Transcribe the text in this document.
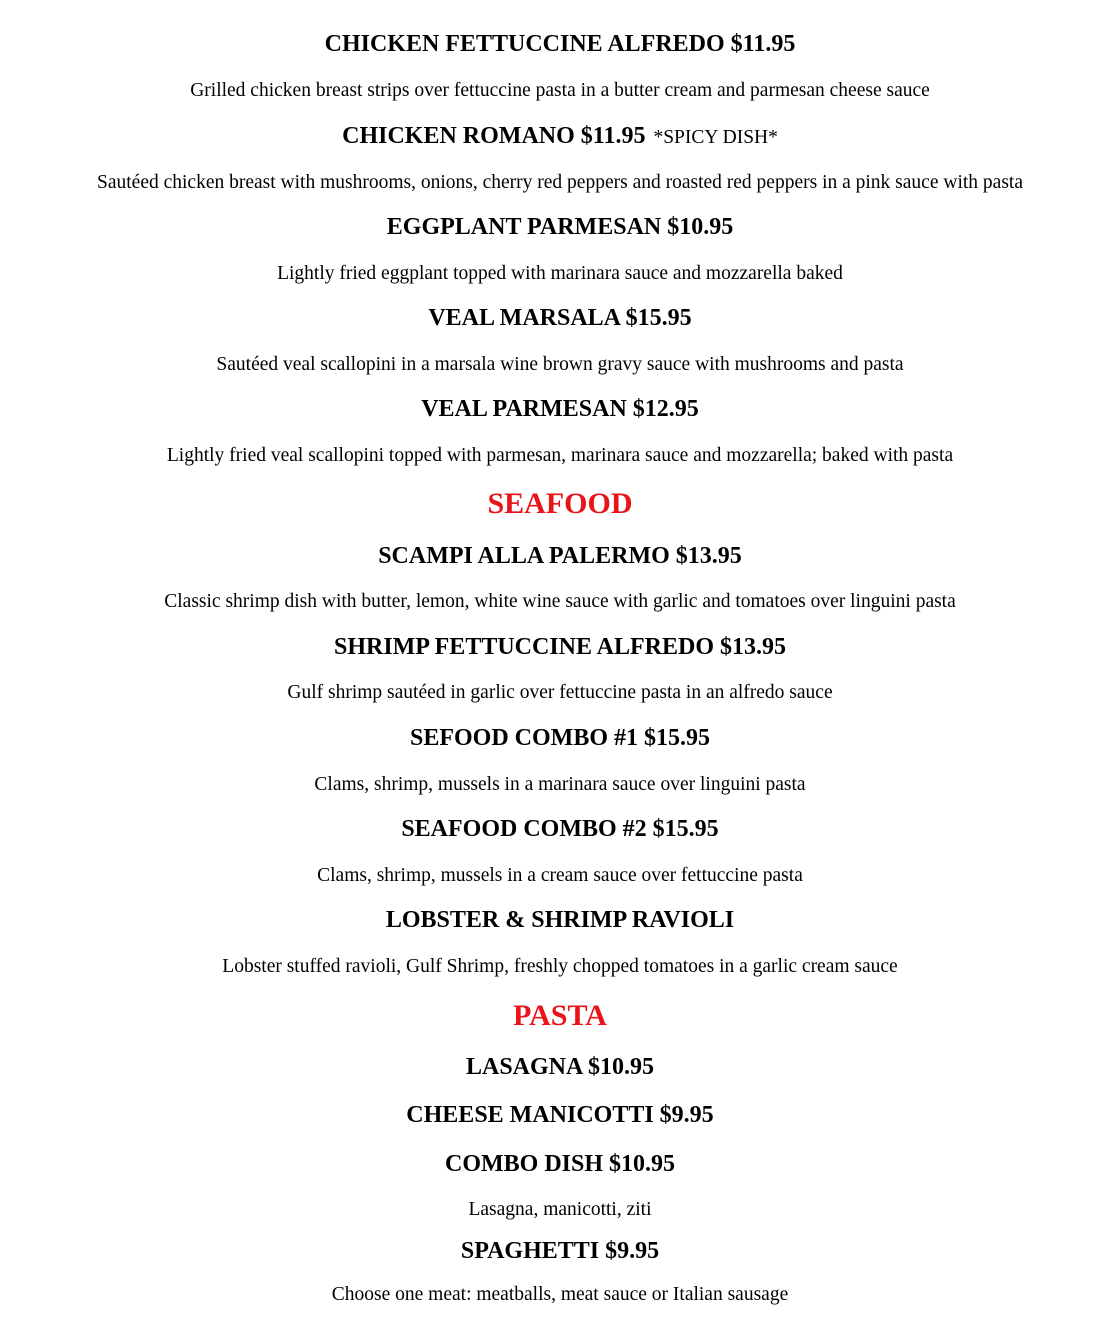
CHICKEN FETTUCCINE ALFREDO $11.95
Grilled chicken breast strips over fettuccine pasta in a butter cream and parmesan cheese sauce
CHICKEN ROMANO $11.95 *SPICY DISH*
Sautéed chicken breast with mushrooms, onions, cherry red peppers and roasted red peppers in a pink sauce with pasta
EGGPLANT PARMESAN $10.95
Lightly fried eggplant topped with marinara sauce and mozzarella baked
VEAL MARSALA $15.95
Sautéed veal scallopini in a marsala wine brown gravy sauce with mushrooms and pasta
VEAL PARMESAN $12.95
Lightly fried veal scallopini topped with parmesan, marinara sauce and mozzarella; baked with pasta
SEAFOOD
SCAMPI ALLA PALERMO $13.95
Classic shrimp dish with butter, lemon, white wine sauce with garlic and tomatoes over linguini pasta
SHRIMP FETTUCCINE ALFREDO $13.95
Gulf shrimp sautéed in garlic over fettuccine pasta in an alfredo sauce
SEFOOD COMBO #1 $15.95
Clams, shrimp, mussels in a marinara sauce over linguini pasta
SEAFOOD COMBO #2 $15.95
Clams, shrimp, mussels in a cream sauce over fettuccine pasta
LOBSTER & SHRIMP RAVIOLI
Lobster stuffed ravioli, Gulf Shrimp, freshly chopped tomatoes in a garlic cream sauce
PASTA
LASAGNA $10.95
CHEESE MANICOTTI $9.95
COMBO DISH $10.95
Lasagna, manicotti, ziti
SPAGHETTI $9.95
Choose one meat: meatballs, meat sauce or Italian sausage
